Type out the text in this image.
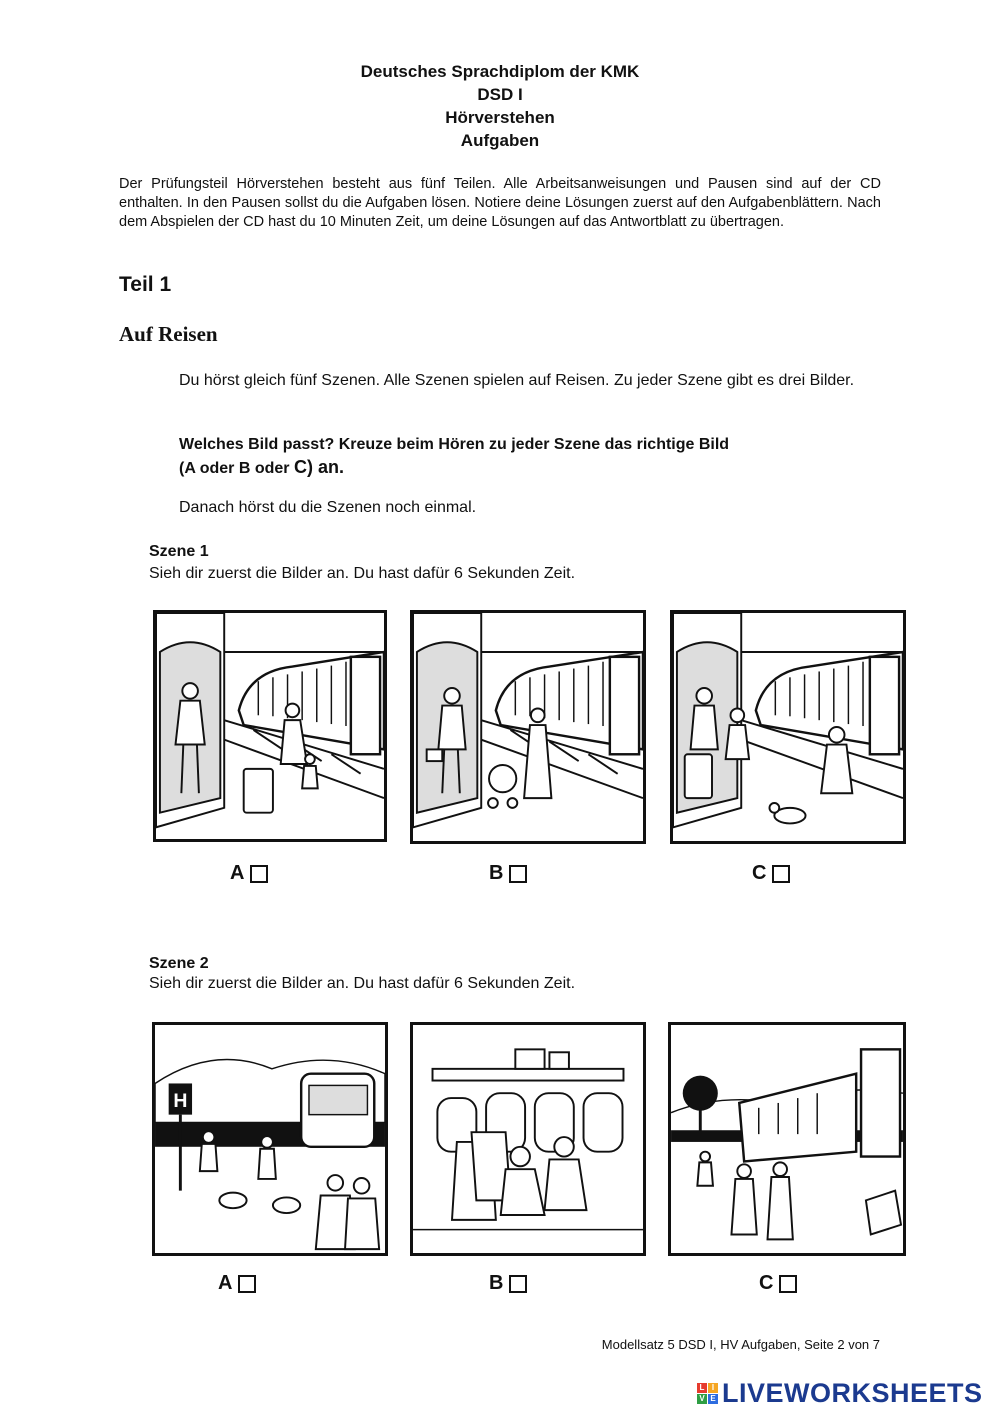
Deutsches Sprachdiplom der KMK
DSD I
Hörverstehen
Aufgaben
Der Prüfungsteil Hörverstehen besteht aus fünf Teilen. Alle Arbeitsanweisungen und Pausen sind auf der CD enthalten. In den Pausen sollst du die Aufgaben lösen. Notiere deine Lösungen zuerst auf den Aufgabenblättern. Nach dem Abspielen der CD hast du 10 Minuten Zeit, um deine Lösungen auf das Antwortblatt zu übertragen.
Teil 1
Auf Reisen
Du hörst gleich fünf Szenen. Alle Szenen spielen auf Reisen. Zu jeder Szene gibt es drei Bilder.
Welches Bild passt? Kreuze beim Hören zu jeder Szene das richtige Bild
(A oder B oder C) an.
Danach hörst du die Szenen noch einmal.
Szene 1
Sieh dir zuerst die Bilder an. Du hast dafür 6 Sekunden Zeit.
A	B	C
Szene 2
Sieh dir zuerst die Bilder an. Du hast dafür 6 Sekunden Zeit.
H
A	B	C
Modellsatz 5 DSD I, HV Aufgaben, Seite 2 von 7
L I
V E LIVEWORKSHEETS
